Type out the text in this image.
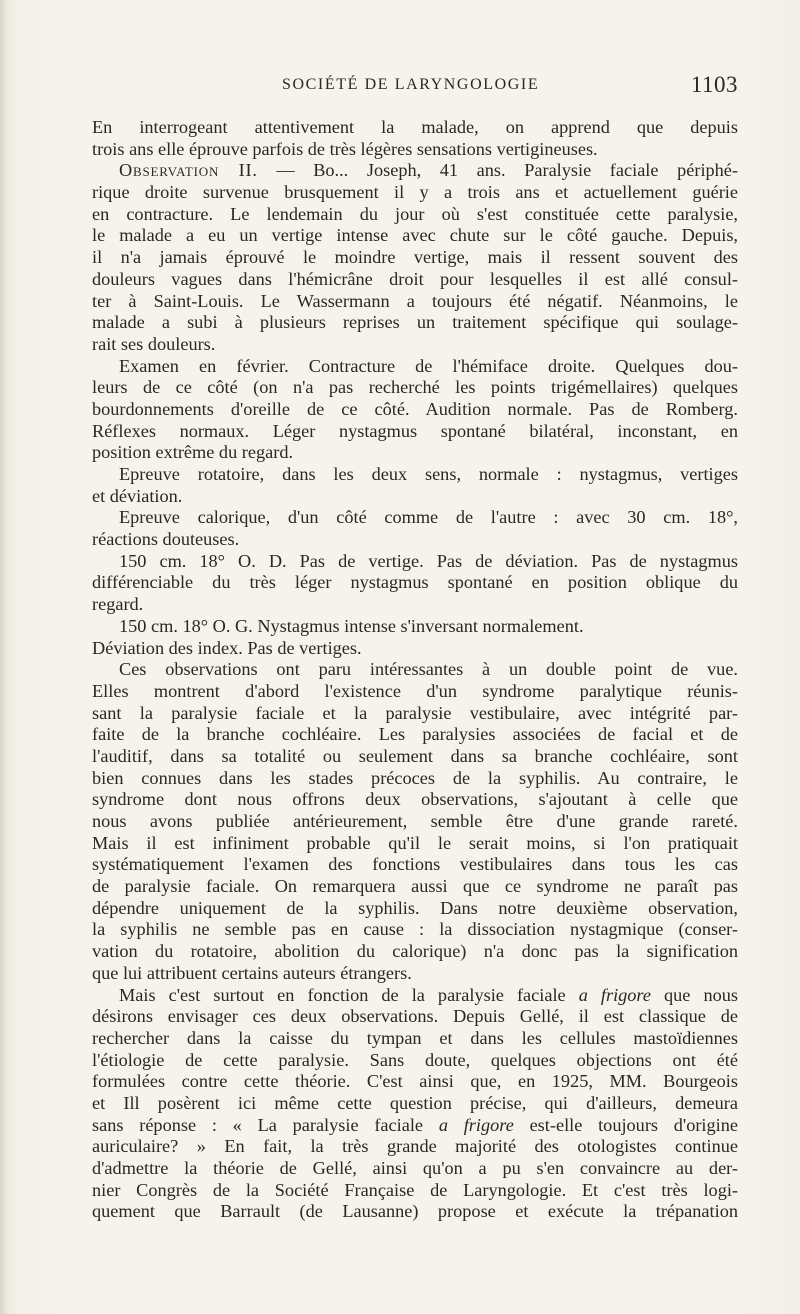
SOCIÉTÉ DE LARYNGOLOGIE	1103
En interrogeant attentivement la malade, on apprend que depuis
trois ans elle éprouve parfois de très légères sensations vertigineuses.
Observation II. — Bo... Joseph, 41 ans. Paralysie faciale périphé-
rique droite survenue brusquement il y a trois ans et actuellement guérie
en contracture. Le lendemain du jour où s'est constituée cette paralysie,
le malade a eu un vertige intense avec chute sur le côté gauche. Depuis,
il n'a jamais éprouvé le moindre vertige, mais il ressent souvent des
douleurs vagues dans l'hémicrâne droit pour lesquelles il est allé consul-
ter à Saint-Louis. Le Wassermann a toujours été négatif. Néanmoins, le
malade a subi à plusieurs reprises un traitement spécifique qui soulage-
rait ses douleurs.
Examen en février. Contracture de l'hémiface droite. Quelques dou-
leurs de ce côté (on n'a pas recherché les points trigémellaires) quelques
bourdonnements d'oreille de ce côté. Audition normale. Pas de Romberg.
Réflexes normaux. Léger nystagmus spontané bilatéral, inconstant, en
position extrême du regard.
Epreuve rotatoire, dans les deux sens, normale : nystagmus, vertiges
et déviation.
Epreuve calorique, d'un côté comme de l'autre : avec 30 cm. 18°,
réactions douteuses.
150 cm. 18° O. D. Pas de vertige. Pas de déviation. Pas de nystagmus
différenciable du très léger nystagmus spontané en position oblique du
regard.
150 cm. 18° O. G. Nystagmus intense s'inversant normalement.
Déviation des index. Pas de vertiges.
Ces observations ont paru intéressantes à un double point de vue.
Elles montrent d'abord l'existence d'un syndrome paralytique réunis-
sant la paralysie faciale et la paralysie vestibulaire, avec intégrité par-
faite de la branche cochléaire. Les paralysies associées de facial et de
l'auditif, dans sa totalité ou seulement dans sa branche cochléaire, sont
bien connues dans les stades précoces de la syphilis. Au contraire, le
syndrome dont nous offrons deux observations, s'ajoutant à celle que
nous avons publiée antérieurement, semble être d'une grande rareté.
Mais il est infiniment probable qu'il le serait moins, si l'on pratiquait
systématiquement l'examen des fonctions vestibulaires dans tous les cas
de paralysie faciale. On remarquera aussi que ce syndrome ne paraît pas
dépendre uniquement de la syphilis. Dans notre deuxième observation,
la syphilis ne semble pas en cause : la dissociation nystagmique (conser-
vation du rotatoire, abolition du calorique) n'a donc pas la signification
que lui attribuent certains auteurs étrangers.
Mais c'est surtout en fonction de la paralysie faciale a frigore que nous
désirons envisager ces deux observations. Depuis Gellé, il est classique de
rechercher dans la caisse du tympan et dans les cellules mastoïdiennes
l'étiologie de cette paralysie. Sans doute, quelques objections ont été
formulées contre cette théorie. C'est ainsi que, en 1925, MM. Bourgeois
et Ill posèrent ici même cette question précise, qui d'ailleurs, demeura
sans réponse : « La paralysie faciale a frigore est-elle toujours d'origine
auriculaire? » En fait, la très grande majorité des otologistes continue
d'admettre la théorie de Gellé, ainsi qu'on a pu s'en convaincre au der-
nier Congrès de la Société Française de Laryngologie. Et c'est très logi-
quement que Barrault (de Lausanne) propose et exécute la trépanation
